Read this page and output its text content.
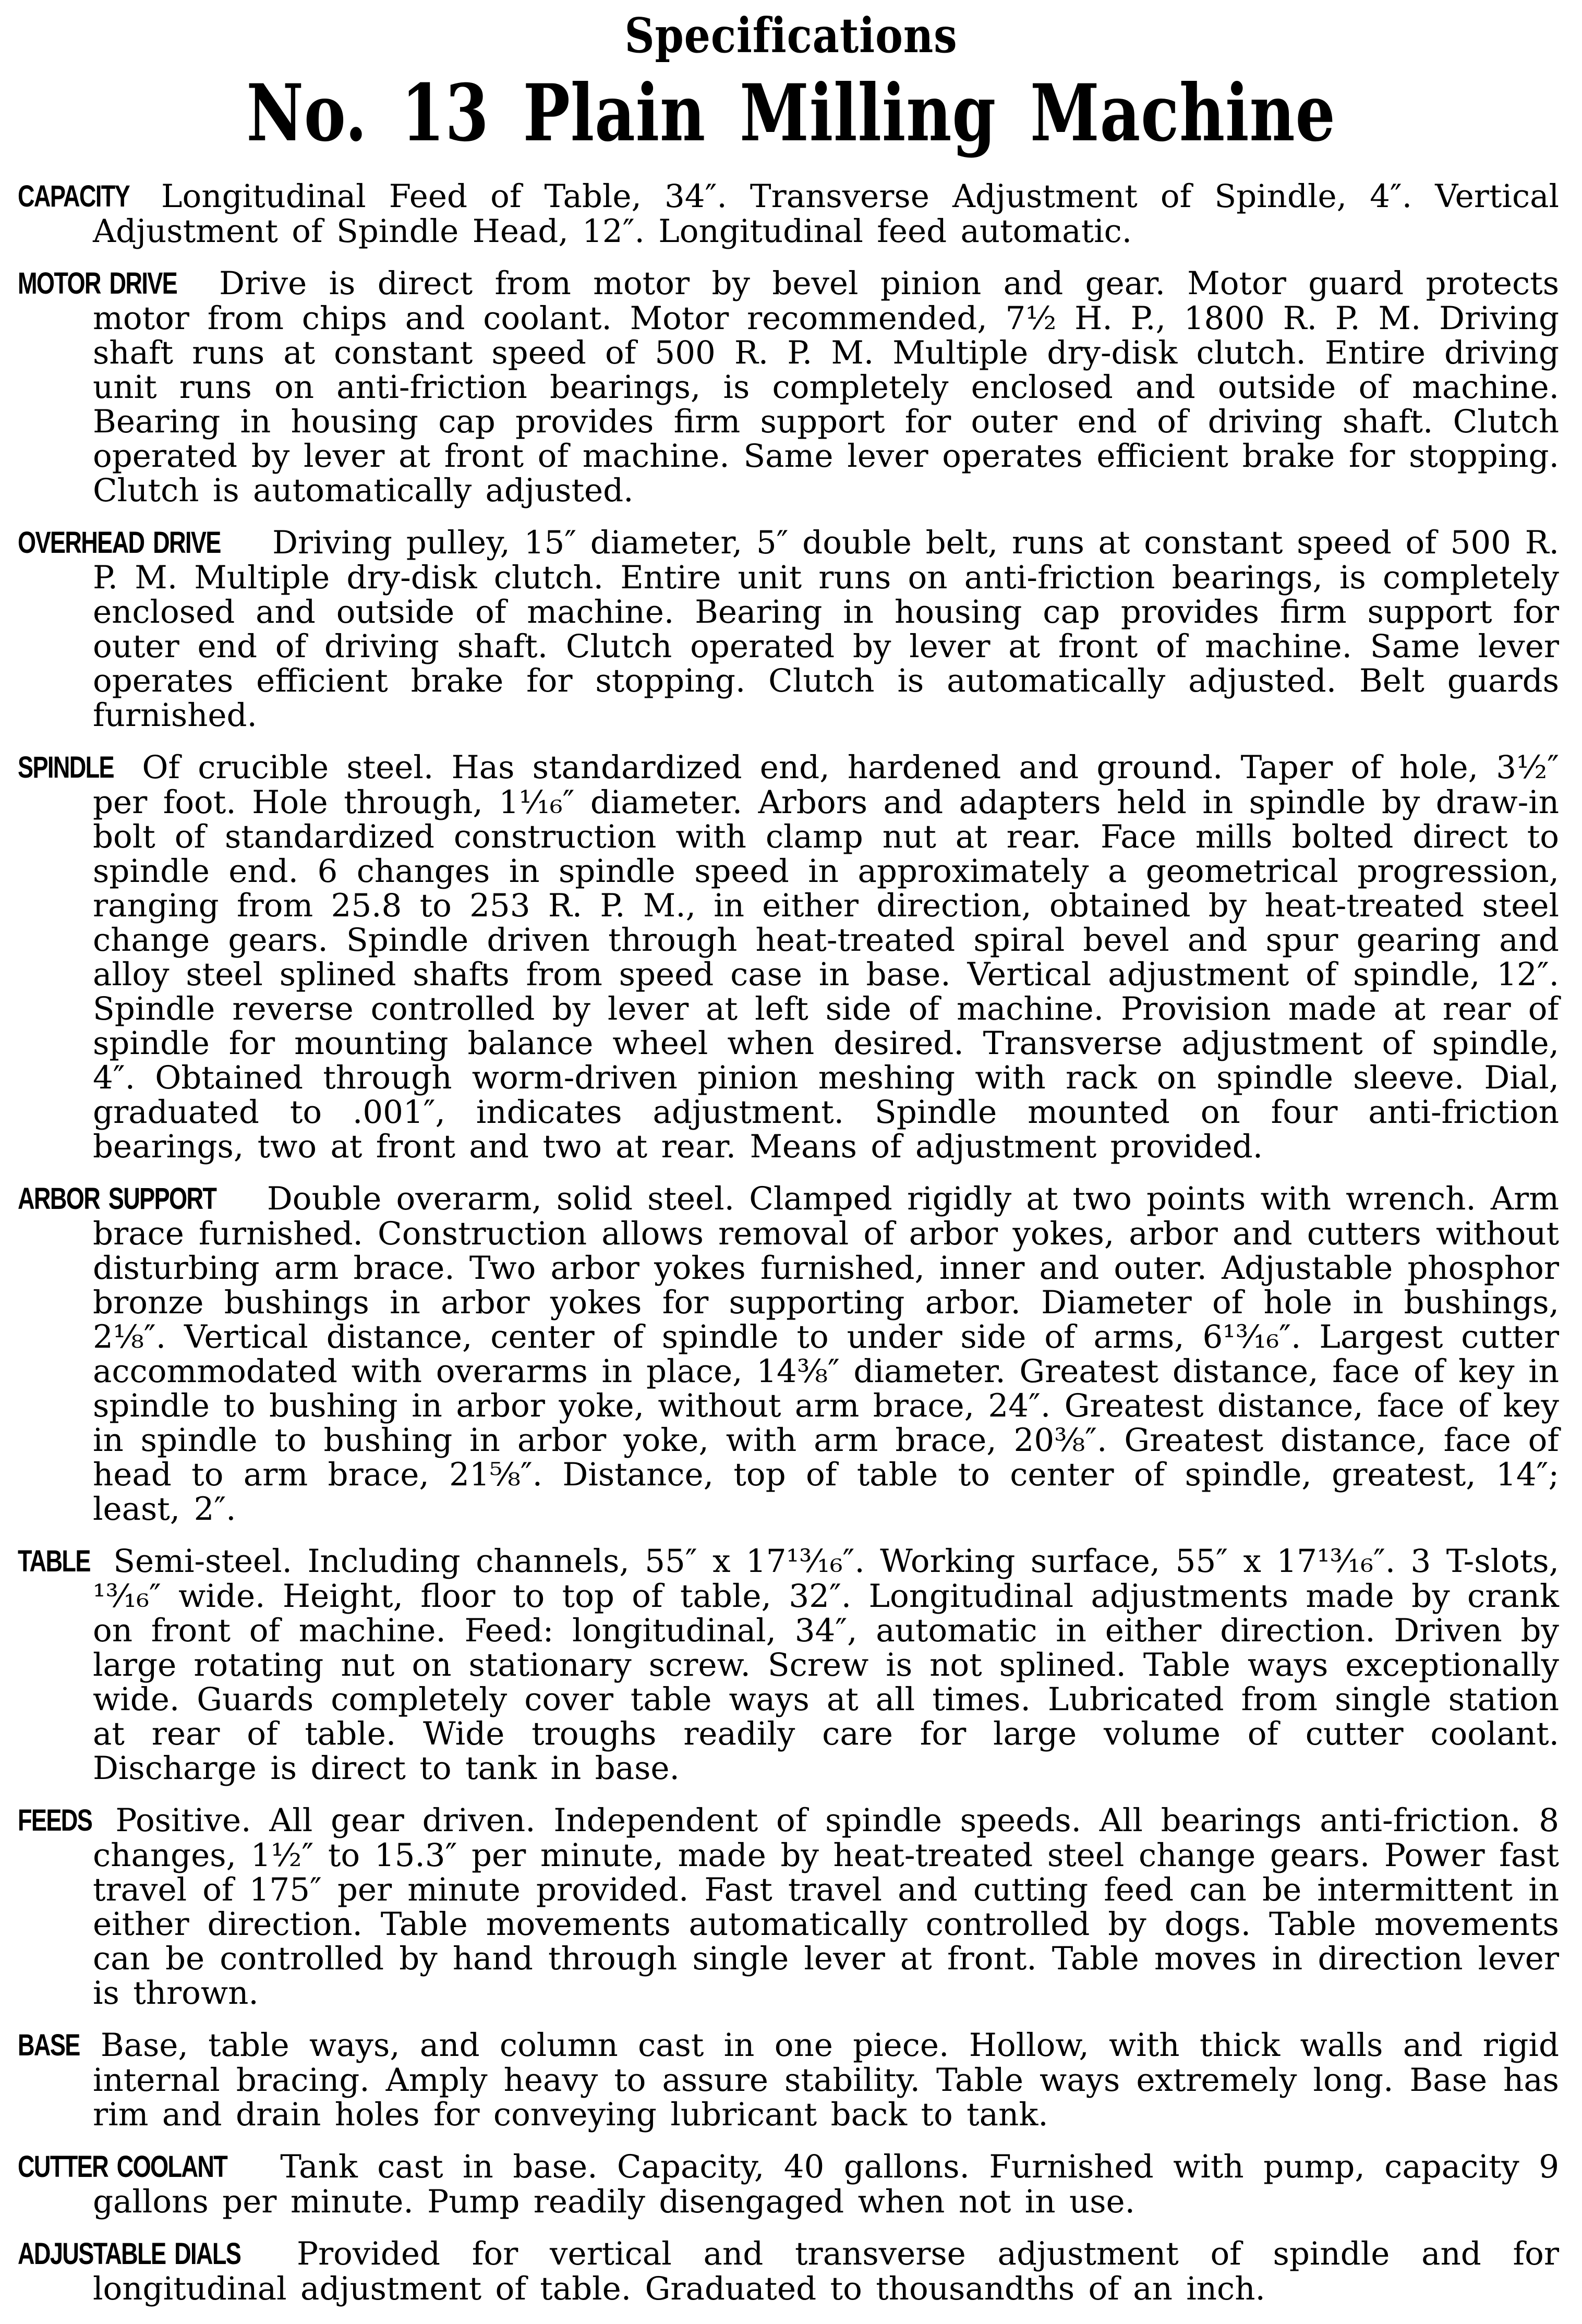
Specifications
No. 13 Plain Milling Machine

CAPACITY Longitudinal Feed of Table, 34″. Transverse Adjustment of Spindle, 4″. Vertical Adjustment of Spindle Head, 12″. Longitudinal feed automatic.

MOTOR DRIVE Drive is direct from motor by bevel pinion and gear. Motor guard protects motor from chips and coolant. Motor recommended, 7½ H. P., 1800 R. P. M. Driving shaft runs at constant speed of 500 R. P. M. Multiple dry-disk clutch. Entire driving unit runs on anti-friction bearings, is completely enclosed and outside of machine. Bearing in housing cap provides firm support for outer end of driving shaft. Clutch operated by lever at front of machine. Same lever operates efficient brake for stopping. Clutch is automatically adjusted.

OVERHEAD DRIVE Driving pulley, 15″ diameter, 5″ double belt, runs at constant speed of 500 R. P. M. Multiple dry-disk clutch. Entire unit runs on anti-friction bearings, is completely enclosed and outside of machine. Bearing in housing cap provides firm support for outer end of driving shaft. Clutch operated by lever at front of machine. Same lever operates efficient brake for stopping. Clutch is automatically adjusted. Belt guards furnished.

SPINDLE Of crucible steel. Has standardized end, hardened and ground. Taper of hole, 3½″ per foot. Hole through, 1¹⁄₁₆″ diameter. Arbors and adapters held in spindle by draw-in bolt of standardized construction with clamp nut at rear. Face mills bolted direct to spindle end. 6 changes in spindle speed in approximately a geometrical progression, ranging from 25.8 to 253 R. P. M., in either direction, obtained by heat-treated steel change gears. Spindle driven through heat-treated spiral bevel and spur gearing and alloy steel splined shafts from speed case in base. Vertical adjustment of spindle, 12″. Spindle reverse controlled by lever at left side of machine. Provision made at rear of spindle for mounting balance wheel when desired. Transverse adjustment of spindle, 4″. Obtained through worm-driven pinion meshing with rack on spindle sleeve. Dial, graduated to .001″, indicates adjustment. Spindle mounted on four anti-friction bearings, two at front and two at rear. Means of adjustment provided.

ARBOR SUPPORT Double overarm, solid steel. Clamped rigidly at two points with wrench. Arm brace furnished. Construction allows removal of arbor yokes, arbor and cutters without disturbing arm brace. Two arbor yokes furnished, inner and outer. Adjustable phosphor bronze bushings in arbor yokes for supporting arbor. Diameter of hole in bushings, 2⅛″. Vertical distance, center of spindle to under side of arms, 6¹³⁄₁₆″. Largest cutter accommodated with overarms in place, 14⅜″ diameter. Greatest distance, face of key in spindle to bushing in arbor yoke, without arm brace, 24″. Greatest distance, face of key in spindle to bushing in arbor yoke, with arm brace, 20⅜″. Greatest distance, face of head to arm brace, 21⅝″. Distance, top of table to center of spindle, greatest, 14″; least, 2″.

TABLE Semi-steel. Including channels, 55″ x 17¹³⁄₁₆″. Working surface, 55″ x 17¹³⁄₁₆″. 3 T-slots, ¹³⁄₁₆″ wide. Height, floor to top of table, 32″. Longitudinal adjustments made by crank on front of machine. Feed: longitudinal, 34″, automatic in either direction. Driven by large rotating nut on stationary screw. Screw is not splined. Table ways exceptionally wide. Guards completely cover table ways at all times. Lubricated from single station at rear of table. Wide troughs readily care for large volume of cutter coolant. Discharge is direct to tank in base.

FEEDS Positive. All gear driven. Independent of spindle speeds. All bearings anti-friction. 8 changes, 1½″ to 15.3″ per minute, made by heat-treated steel change gears. Power fast travel of 175″ per minute provided. Fast travel and cutting feed can be intermittent in either direction. Table movements automatically controlled by dogs. Table movements can be controlled by hand through single lever at front. Table moves in direction lever is thrown.

BASE Base, table ways, and column cast in one piece. Hollow, with thick walls and rigid internal bracing. Amply heavy to assure stability. Table ways extremely long. Base has rim and drain holes for conveying lubricant back to tank.

CUTTER COOLANT Tank cast in base. Capacity, 40 gallons. Furnished with pump, capacity 9 gallons per minute. Pump readily disengaged when not in use.

ADJUSTABLE DIALS Provided for vertical and transverse adjustment of spindle and for longitudinal adjustment of table. Graduated to thousandths of an inch.
